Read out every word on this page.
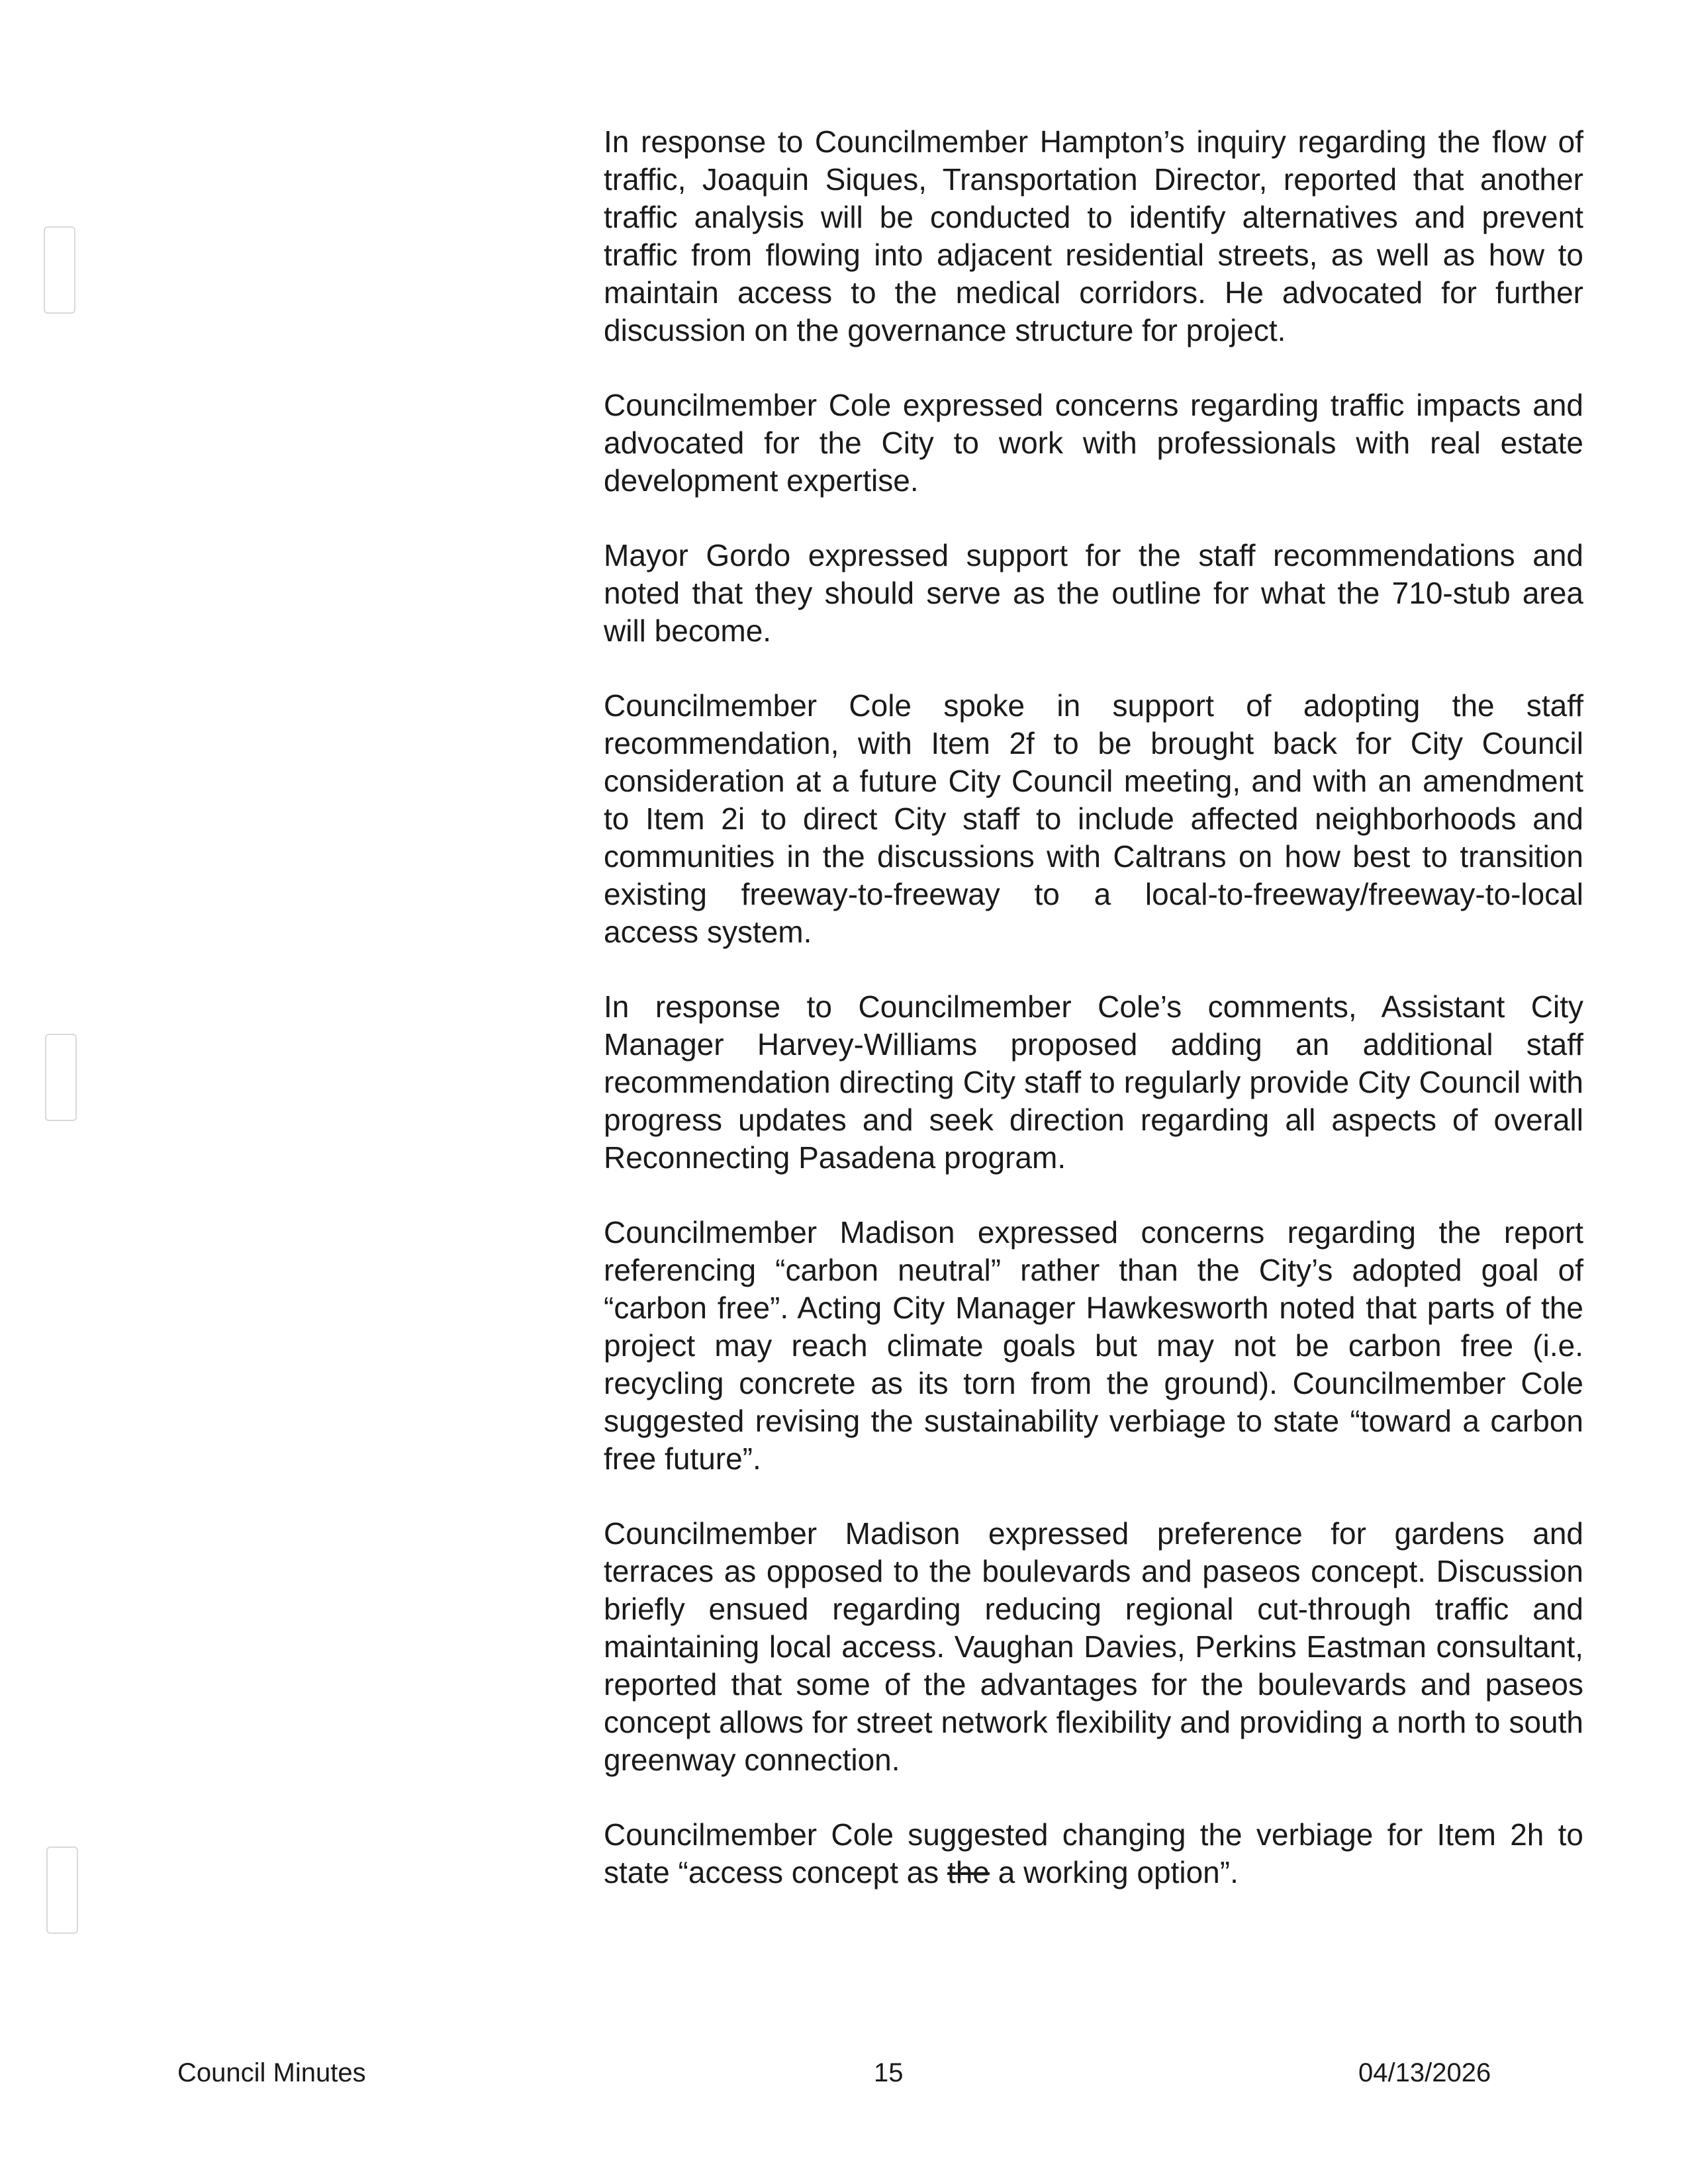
In response to Councilmember Hampton’s inquiry regarding the flow of traffic, Joaquin Siques, Transportation Director, reported that another traffic analysis will be conducted to identify alternatives and prevent traffic from flowing into adjacent residential streets, as well as how to maintain access to the medical corridors. He advocated for further discussion on the governance structure for project.

Councilmember Cole expressed concerns regarding traffic impacts and advocated for the City to work with professionals with real estate development expertise.

Mayor Gordo expressed support for the staff recommendations and noted that they should serve as the outline for what the 710-stub area will become.

Councilmember Cole spoke in support of adopting the staff recommendation, with Item 2f to be brought back for City Council consideration at a future City Council meeting, and with an amendment to Item 2i to direct City staff to include affected neighborhoods and communities in the discussions with Caltrans on how best to transition existing freeway-to-freeway to a local-to-freeway/freeway-to-local access system.

In response to Councilmember Cole’s comments, Assistant City Manager Harvey-Williams proposed adding an additional staff recommendation directing City staff to regularly provide City Council with progress updates and seek direction regarding all aspects of overall Reconnecting Pasadena program.

Councilmember Madison expressed concerns regarding the report referencing “carbon neutral” rather than the City’s adopted goal of “carbon free”. Acting City Manager Hawkesworth noted that parts of the project may reach climate goals but may not be carbon free (i.e. recycling concrete as its torn from the ground). Councilmember Cole suggested revising the sustainability verbiage to state “toward a carbon free future”.

Councilmember Madison expressed preference for gardens and terraces as opposed to the boulevards and paseos concept. Discussion briefly ensued regarding reducing regional cut-through traffic and maintaining local access. Vaughan Davies, Perkins Eastman consultant, reported that some of the advantages for the boulevards and paseos concept allows for street network flexibility and providing a north to south greenway connection.

Councilmember Cole suggested changing the verbiage for Item 2h to state “access concept as the a working option”.

Council Minutes	15	04/13/2026
